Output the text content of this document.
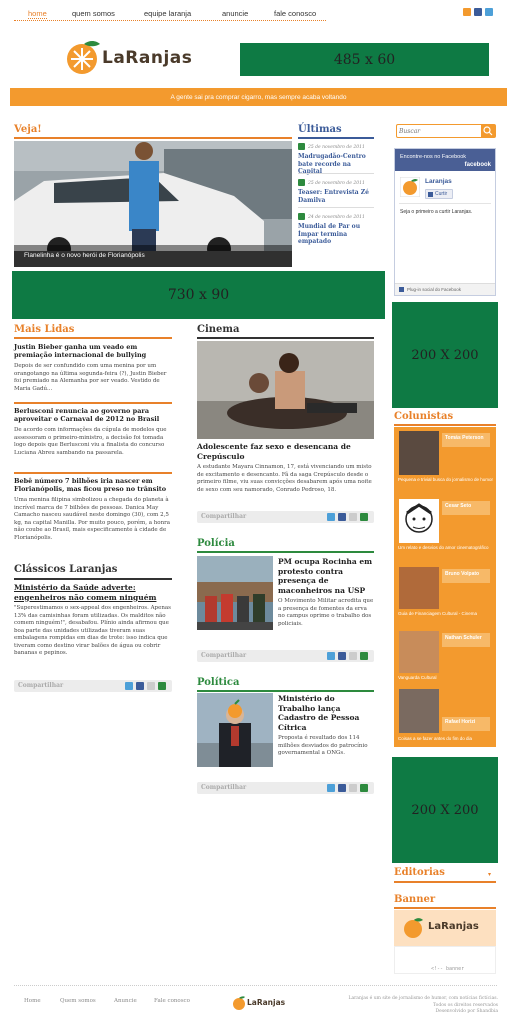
home	quem somos	equipe laranja	anuncie	fale conosco
LaRanjas	485 x 60
A gente sai pra comprar cigarro, mas sempre acaba voltando
Veja!
Flanelinha é o novo herói de Florianópolis
Últimas
25 de novembro de 2011
Madrugadão-Centro bate recorde na Capital
25 de novembro de 2011
Teaser: Entrevista Zé Damilva
24 de novembro de 2011
Mundial de Par ou Ímpar termina empatado
Buscar
Encontre-nos no Facebook
facebook
Laranjas
Curtir
Seja o primeiro a curtir Laranjas.
Plug-in social do Facebook
730 x 90
200 X 200
Mais Lidas
Justin Bieber ganha um veado em premiação internacional de bullying
Depois de ser confundido com uma menina por um orangotango na última segunda-feira (?), Justin Bieber foi premiado na Alemanha por ser veado. Vestido de Maria Gadú...
Berlusconi renuncia ao governo para aproveitar o Carnaval de 2012 no Brasil
De acordo com informações da cúpula de modelos que assessoram o primeiro-ministro, a decisão foi tomada logo depois que Berlusconi viu a finalista do concurso Luciana Abreu sambando na passarela.
Bebê número 7 bilhões iria nascer em Florianópolis, mas ficou preso no trânsito
Uma menina filipina simbolizou a chegada do planeta à incrível marca de 7 bilhões de pessoas. Danica May Camacho nasceu saudável neste domingo (30), com 2,5 kg, na capital Manilla. Por muito pouco, porém, a honra não coube ao Brasil, mais especificamente à cidade de Florianópolis.
Clássicos Laranjas
Ministério da Saúde adverte: engenheiros não comem ninguém
"Superestimamos o sex-appeal dos engenheiros. Apenas 13% das camisinhas foram utilizadas. Os malditos não comem ninguém!", desabafou. Plínio ainda afirmou que boa parte das unidades utilizadas tiveram suas embalagens rompidas em dias de trote: isso indica que tiveram como destino virar balões de água ou cobrir bananas e pepinos.
Compartilhar
Cinema
Adolescente faz sexo e desencana de Crepúsculo
A estudante Mayara Cinnamon, 17, está vivenciando um misto de excitamento e desencanto. Fã da saga Crepúsculo desde o primeiro filme, viu suas convicções desabarem após uma noite de sexo com seu namorado, Conrado Pedroso, 18.
Compartilhar
Polícia
PM ocupa Rocinha em protesto contra presença de maconheiros na USP
O Movimento Militar acredita que a presença de fomentes da erva no campus oprime o trabalho dos policiais.
Compartilhar
Política
Ministério do Trabalho lança Cadastro de Pessoa Cítrica
Proposta é resultado dos 114 milhões desviados do patrocínio governamental a ONGs.
Compartilhar
Colunistas
Tomás Peterson
Pequena e trivial busca do jornalismo de humor
Cesar Seto
Um relato e desvios do amor cinematográfico
Bruno Volpato
Guia de Financiagem Cultural - Cinema
Nathan Schuler
Vanguarda Cultural
Rafael Horizi
Coisas a se fazer antes do fim do dia
200 X 200
Editorias	▾
Banner
LaRanjas
<!-- banner
Home	Quem somos	Anuncie	Fale conosco	LaRanjas	Laranjas é um site de jornalismo de humor, com notícias fictícias.
Todos os direitos reservados
Desenvolvido por Shandbia
